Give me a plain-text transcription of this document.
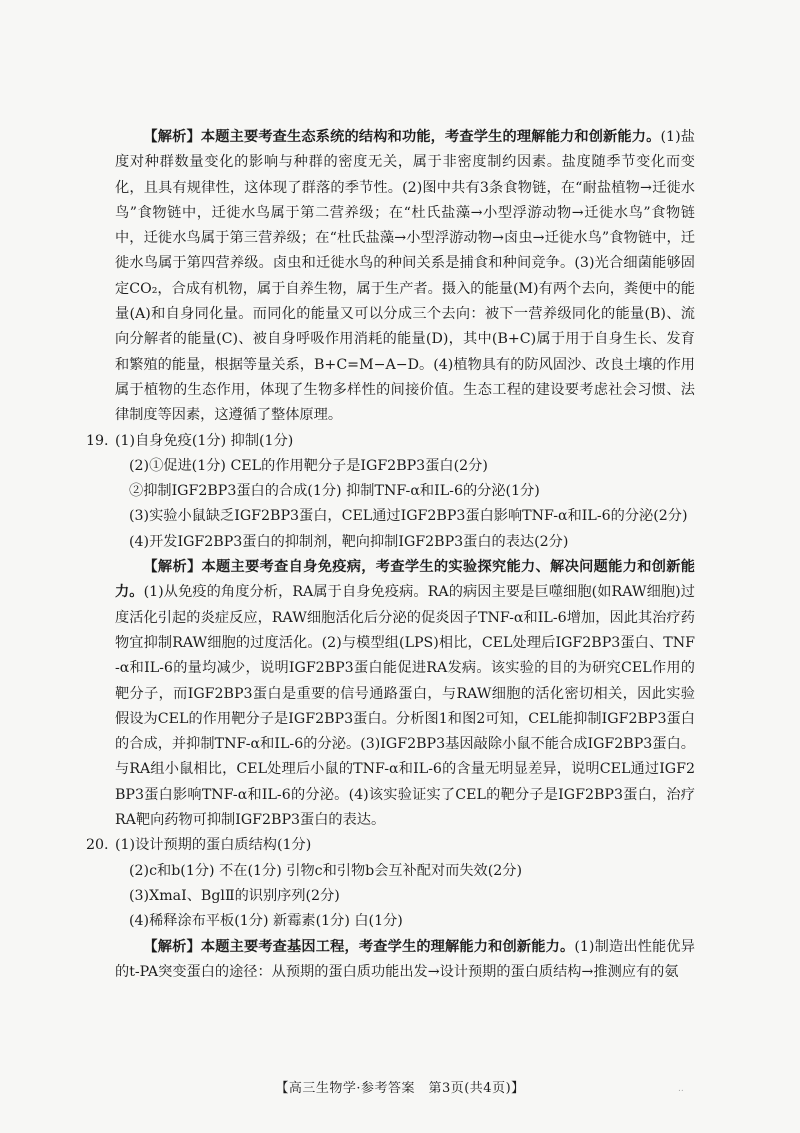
【解析】本题主要考查生态系统的结构和功能，考查学生的理解能力和创新能力。(1)盐度对种群数量变化的影响与种群的密度无关，属于非密度制约因素。盐度随季节变化而变化，且具有规律性，这体现了群落的季节性。(2)图中共有3条食物链，在“耐盐植物→迁徙水鸟”食物链中，迁徙水鸟属于第二营养级；在“杜氏盐藻→小型浮游动物→迁徙水鸟”食物链中，迁徙水鸟属于第三营养级；在“杜氏盐藻→小型浮游动物→卤虫→迁徙水鸟”食物链中，迁徙水鸟属于第四营养级。卤虫和迁徙水鸟的种间关系是捕食和种间竞争。(3)光合细菌能够固定CO₂，合成有机物，属于自养生物，属于生产者。摄入的能量(M)有两个去向，粪便中的能量(A)和自身同化量。而同化的能量又可以分成三个去向：被下一营养级同化的能量(B)、流向分解者的能量(C)、被自身呼吸作用消耗的能量(D)，其中(B+C)属于用于自身生长、发育和繁殖的能量，根据等量关系，B+C=M−A−D。(4)植物具有的防风固沙、改良土壤的作用属于植物的生态作用，体现了生物多样性的间接价值。生态工程的建设要考虑社会习惯、法律制度等因素，这遵循了整体原理。

19. (1)自身免疫(1分) 抑制(1分)

(2)①促进(1分) CEL的作用靶分子是IGF2BP3蛋白(2分)

②抑制IGF2BP3蛋白的合成(1分) 抑制TNF-α和IL-6的分泌(1分)

(3)实验小鼠缺乏IGF2BP3蛋白，CEL通过IGF2BP3蛋白影响TNF-α和IL-6的分泌(2分)

(4)开发IGF2BP3蛋白的抑制剂，靶向抑制IGF2BP3蛋白的表达(2分)

【解析】本题主要考查自身免疫病，考查学生的实验探究能力、解决问题能力和创新能力。(1)从免疫的角度分析，RA属于自身免疫病。RA的病因主要是巨噬细胞(如RAW细胞)过度活化引起的炎症反应，RAW细胞活化后分泌的促炎因子TNF-α和IL-6增加，因此其治疗药物宜抑制RAW细胞的过度活化。(2)与模型组(LPS)相比，CEL处理后IGF2BP3蛋白、TNF-α和IL-6的量均减少，说明IGF2BP3蛋白能促进RA发病。该实验的目的为研究CEL作用的靶分子，而IGF2BP3蛋白是重要的信号通路蛋白，与RAW细胞的活化密切相关，因此实验假设为CEL的作用靶分子是IGF2BP3蛋白。分析图1和图2可知，CEL能抑制IGF2BP3蛋白的合成，并抑制TNF-α和IL-6的分泌。(3)IGF2BP3基因敲除小鼠不能合成IGF2BP3蛋白。与RA组小鼠相比，CEL处理后小鼠的TNF-α和IL-6的含量无明显差异，说明CEL通过IGF2BP3蛋白影响TNF-α和IL-6的分泌。(4)该实验证实了CEL的靶分子是IGF2BP3蛋白，治疗RA靶向药物可抑制IGF2BP3蛋白的表达。

20. (1)设计预期的蛋白质结构(1分)

(2)c和b(1分) 不在(1分) 引物c和引物b会互补配对而失效(2分)

(3)XmaⅠ、BglⅡ的识别序列(2分)

(4)稀释涂布平板(1分) 新霉素(1分) 白(1分)

【解析】本题主要考查基因工程，考查学生的理解能力和创新能力。(1)制造出性能优异的t-PA突变蛋白的途径：从预期的蛋白质功能出发→设计预期的蛋白质结构→推测应有的氨

【高三生物学·参考答案　第3页(共4页)】	..
